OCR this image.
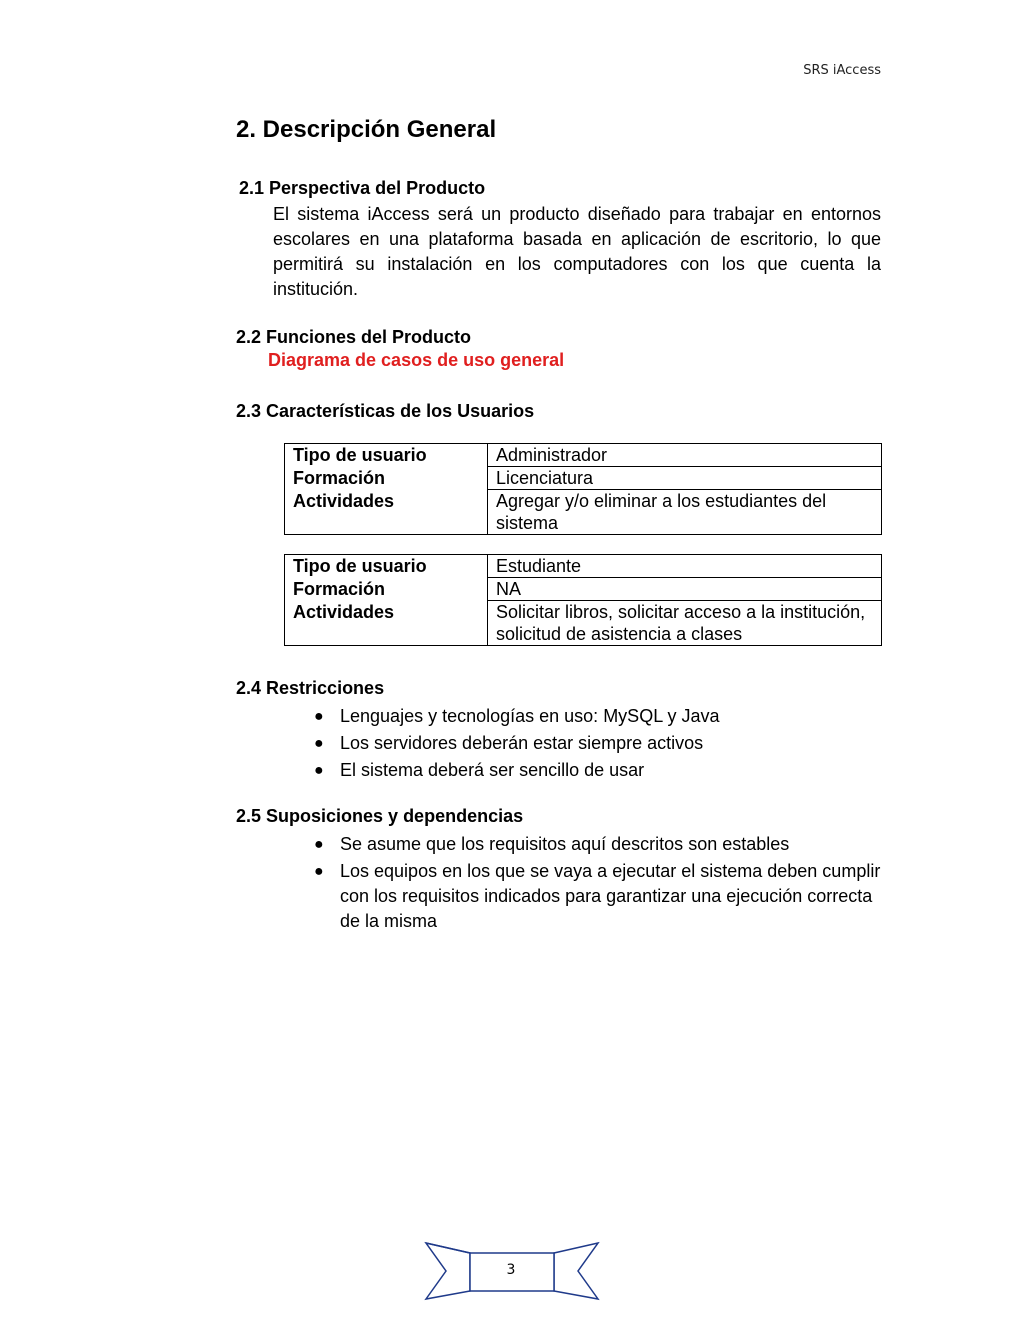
SRS iAccess
2. Descripción General
2.1 Perspectiva del Producto

El sistema iAccess será un producto diseñado para trabajar en entornos escolares en una plataforma basada en aplicación de escritorio, lo que permitirá su instalación en los computadores con los que cuenta la institución.

2.2 Funciones del Producto
Diagrama de casos de uso general
2.3 Características de los Usuarios
Tipo de usuario	Administrador
Formación	Licenciatura
Actividades	Agregar y/o eliminar a los estudiantes del sistema
Tipo de usuario	Estudiante
Formación	NA
Actividades	Solicitar libros, solicitar acceso a la institución, solicitud de asistencia a clases
2.4 Restricciones
● Lenguajes y tecnologías en uso: MySQL y Java
● Los servidores deberán estar siempre activos
● El sistema deberá ser sencillo de usar
2.5 Suposiciones y dependencias
● Se asume que los requisitos aquí descritos son estables
● Los equipos en los que se vaya a ejecutar el sistema deben cumplir con los requisitos indicados para garantizar una ejecución correcta de la misma
3
